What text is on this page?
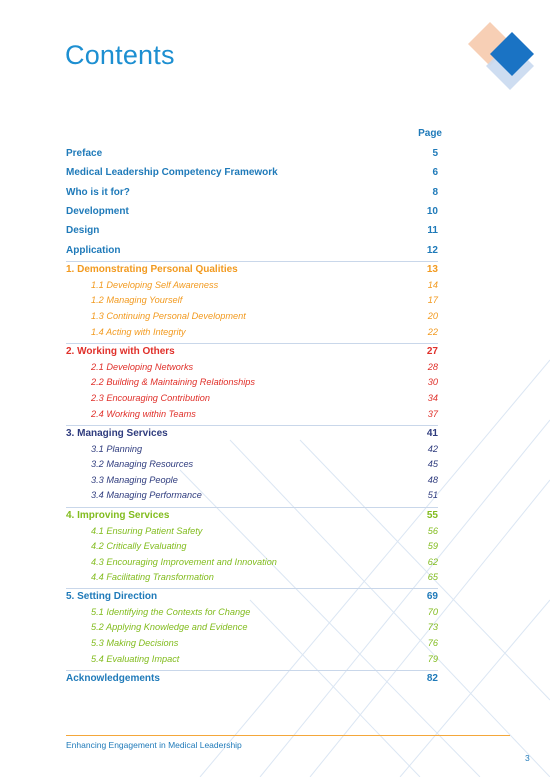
Contents
Page
Preface	5
Medical Leadership Competency Framework	6
Who is it for?	8
Development	10
Design	11
Application	12
1. Demonstrating Personal Qualities	13
1.1 Developing Self Awareness	14
1.2 Managing Yourself	17
1.3 Continuing Personal Development	20
1.4 Acting with Integrity	22
2. Working with Others	27
2.1 Developing Networks	28
2.2 Building & Maintaining Relationships	30
2.3 Encouraging Contribution	34
2.4 Working within Teams	37
3. Managing Services	41
3.1 Planning	42
3.2 Managing Resources	45
3.3 Managing People	48
3.4 Managing Performance	51
4. Improving Services	55
4.1 Ensuring Patient Safety	56
4.2 Critically Evaluating	59
4.3 Encouraging Improvement and Innovation	62
4.4 Facilitating Transformation	65
5. Setting Direction	69
5.1 Identifying the Contexts for Change	70
5.2 Applying Knowledge and Evidence	73
5.3 Making Decisions	76
5.4 Evaluating Impact	79
Acknowledgements	82
Enhancing Engagement in Medical Leadership
3
